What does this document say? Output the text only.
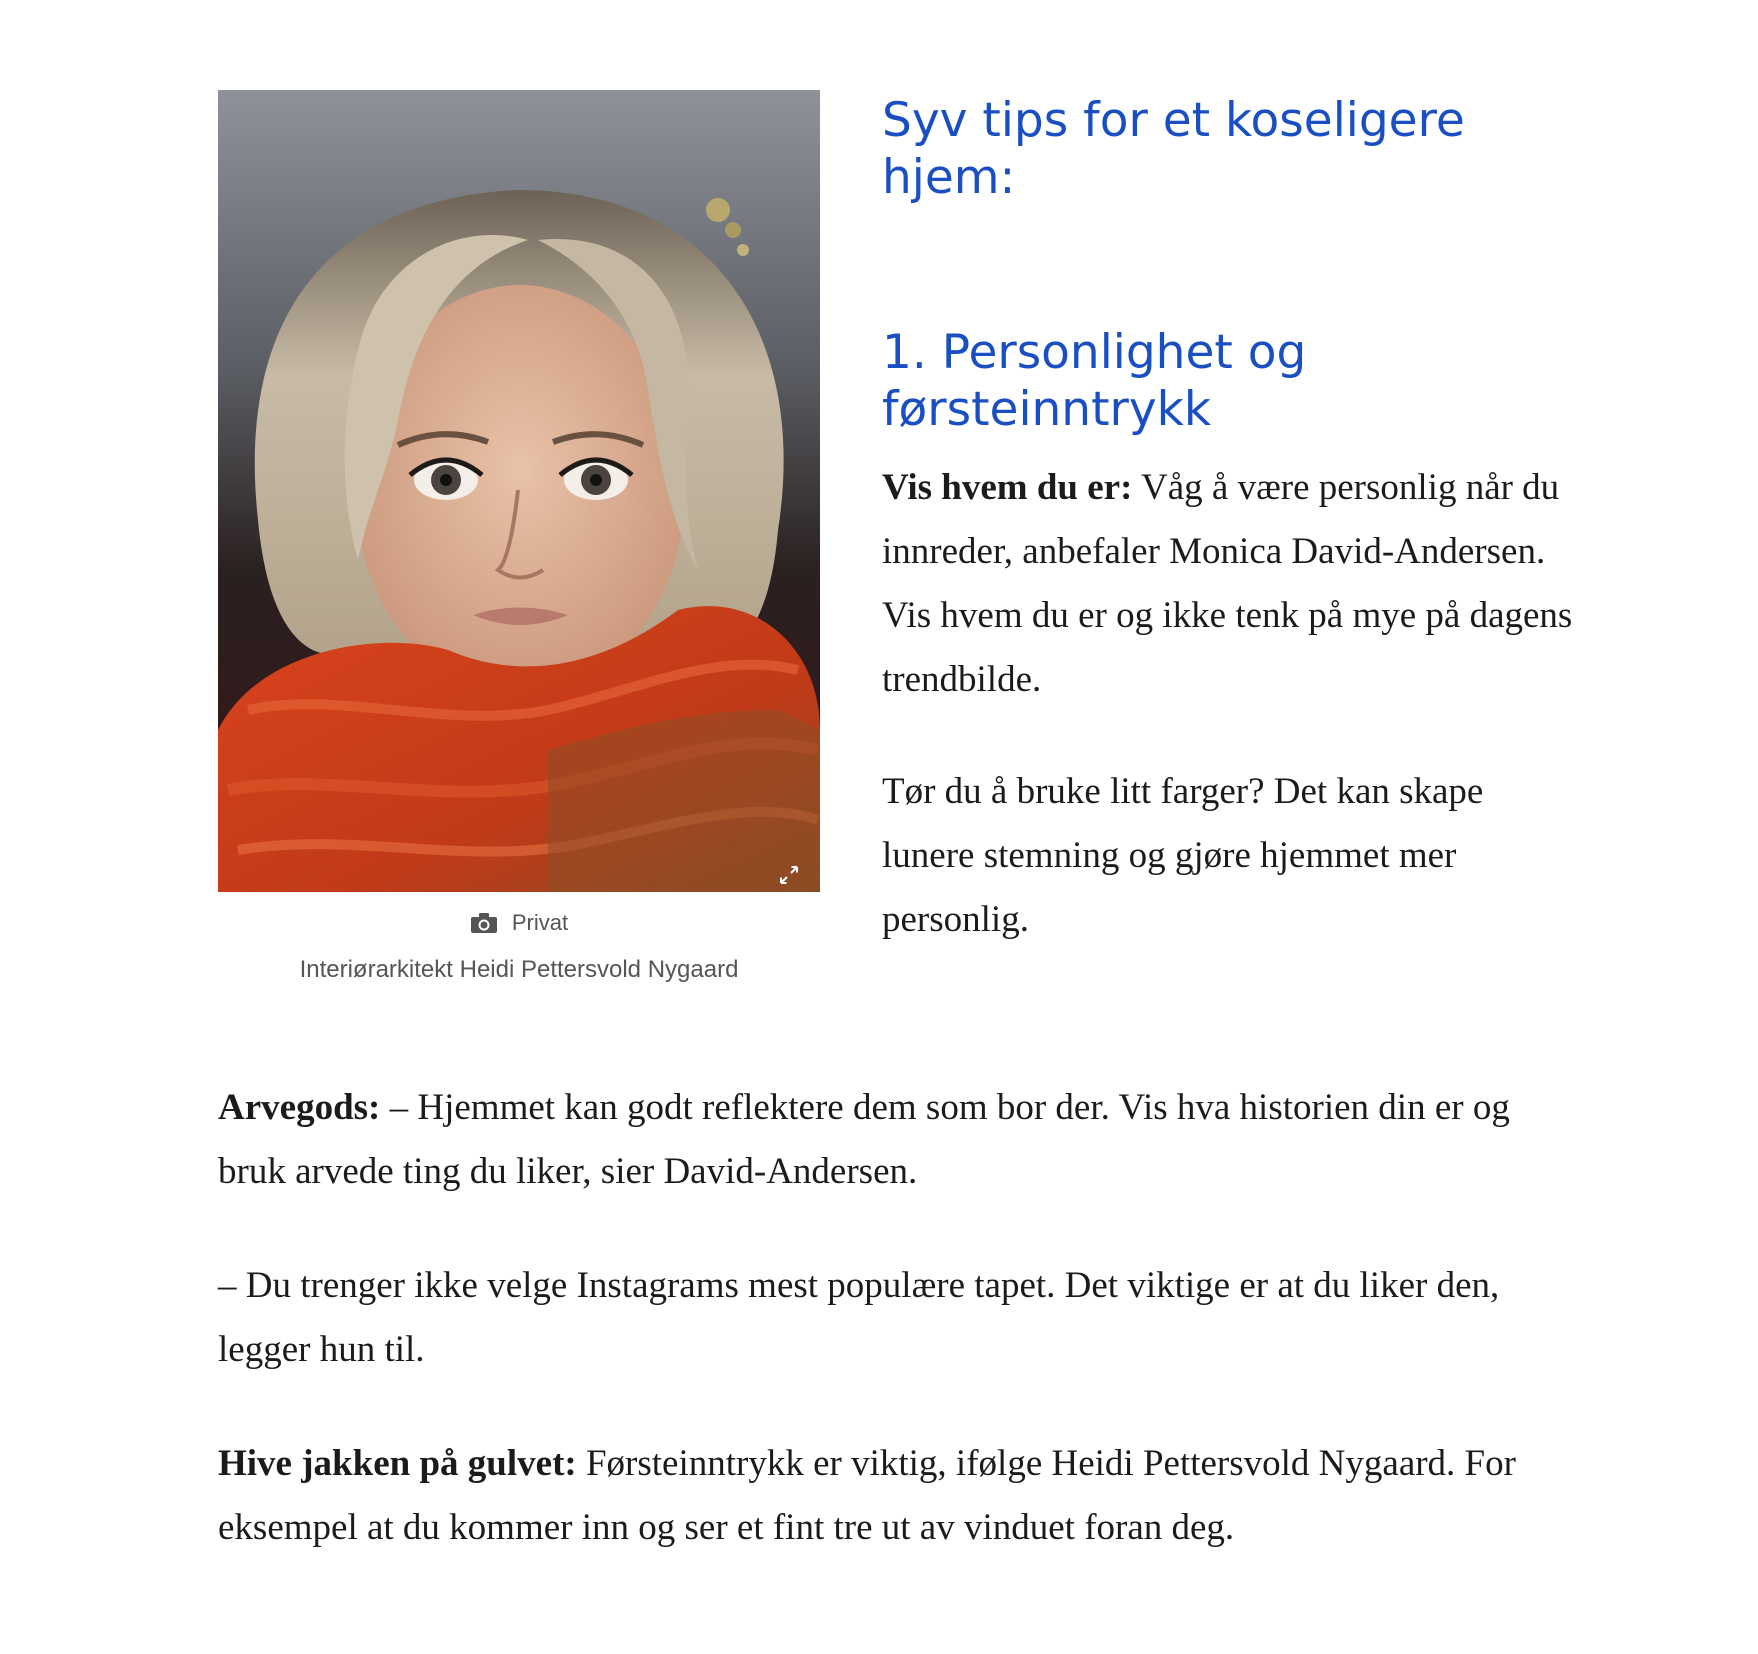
Privat
Interiørarkitekt Heidi Pettersvold Nygaard
Syv tips for et koseligere hjem:
1. Personlighet og førsteinntrykk

Vis hvem du er: Våg å være personlig når du innreder, anbefaler Monica David-Andersen. Vis hvem du er og ikke tenk på mye på dagens trendbilde.

Tør du å bruke litt farger? Det kan skape lunere stemning og gjøre hjemmet mer personlig.

Arvegods: – Hjemmet kan godt reflektere dem som bor der. Vis hva historien din er og bruk arvede ting du liker, sier David-Andersen.

– Du trenger ikke velge Instagrams mest populære tapet. Det viktige er at du liker den, legger hun til.

Hive jakken på gulvet: Førsteinntrykk er viktig, ifølge Heidi Pettersvold Nygaard. For eksempel at du kommer inn og ser et fint tre ut av vinduet foran deg.
